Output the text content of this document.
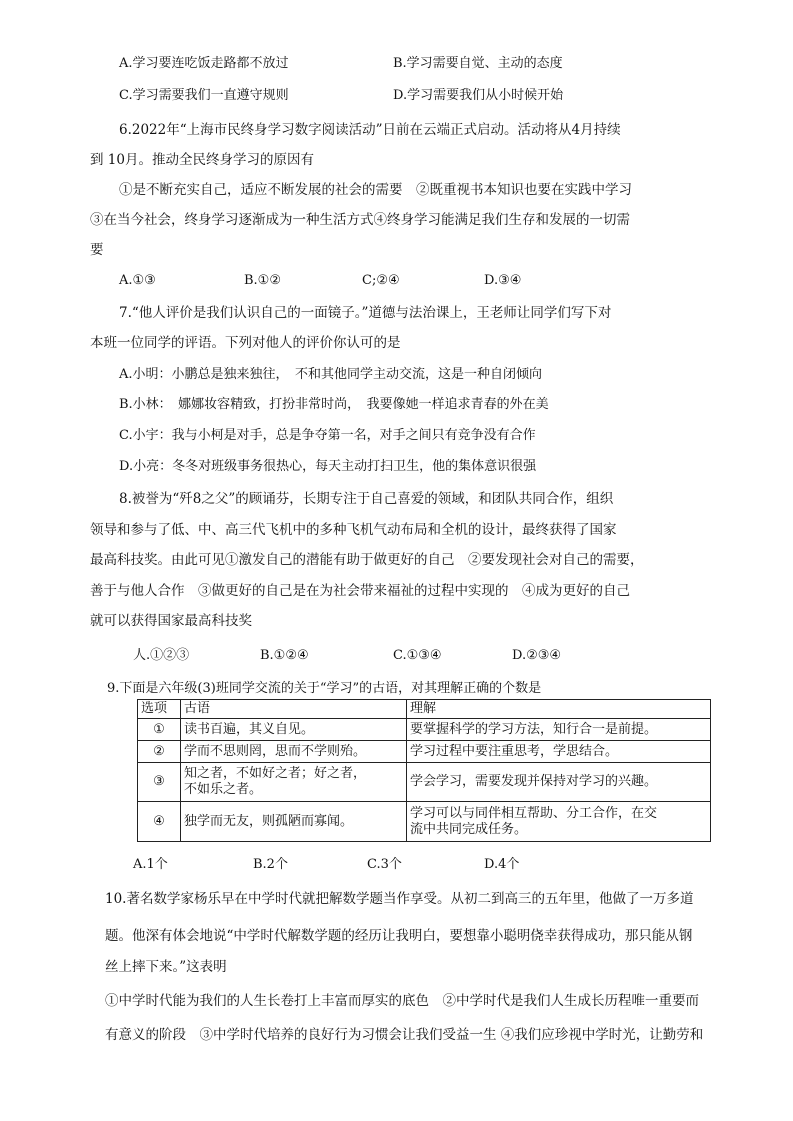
A.学习要连吃饭走路都不放过	B.学习需要自觉、主动的态度
C.学习需要我们一直遵守规则	D.学习需要我们从小时候开始
6.2022年“上海市民终身学习数字阅读活动”日前在云端正式启动。活动将从4月持续
到 10月。推动全民终身学习的原因有
①是不断充实自己，适应不断发展的社会的需要　②既重视书本知识也要在实践中学习
③在当今社会，终身学习逐渐成为一种生活方式④终身学习能满足我们生存和发展的一切需
要
A.①③	B.①②	C;②④	D.③④
7.“他人评价是我们认识自己的一面镜子。”道德与法治课上，王老师让同学们写下对
本班一位同学的评语。下列对他人的评价你认可的是
A.小明：小鹏总是独来独往，　不和其他同学主动交流，这是一种自闭倾向
B.小林：　娜娜妆容精致，打扮非常时尚，　我要像她一样追求青春的外在美
C.小宇：我与小柯是对手，总是争夺第一名，对手之间只有竞争没有合作
D.小亮：冬冬对班级事务很热心，每天主动打扫卫生，他的集体意识很强
8.被誉为“歼8之父”的顾诵芬，长期专注于自己喜爱的领域，和团队共同合作，组织
领导和参与了低、中、高三代飞机中的多种飞机气动布局和全机的设计，最终获得了国家
最高科技奖。由此可见①激发自己的潜能有助于做更好的自己　②要发现社会对自己的需要，
善于与他人合作　③做更好的自己是在为社会带来福祉的过程中实现的　④成为更好的自己
就可以获得国家最高科技奖
人.①②③	B.①②④	C.①③④	D.②③④
9.下面是六年级(3)班同学交流的关于“学习”的古语，对其理解正确的个数是
选项	古语	理解
①	读书百遍，其义自见。	要掌握科学的学习方法，知行合一是前提。
②	学而不思则罔，思而不学则殆。	学习过程中要注重思考，学思结合。
③	知之者，不如好之者；好之者，
不如乐之者。	学会学习，需要发现并保持对学习的兴趣。
④	独学而无友，则孤陋而寡闻。	学习可以与同伴相互帮助、分工合作，在交
流中共同完成任务。
A.1个	B.2个	C.3个	D.4个
10.著名数学家杨乐早在中学时代就把解数学题当作享受。从初二到高三的五年里，他做了一万多道
题。他深有体会地说“中学时代解数学题的经历让我明白，要想靠小聪明侥幸获得成功，那只能从钢
丝上摔下来。”这表明
①中学时代能为我们的人生长卷打上丰富而厚实的底色　②中学时代是我们人生成长历程唯一重要而
有意义的阶段　③中学时代培养的良好行为习惯会让我们受益一生 ④我们应珍视中学时光，让勤劳和
